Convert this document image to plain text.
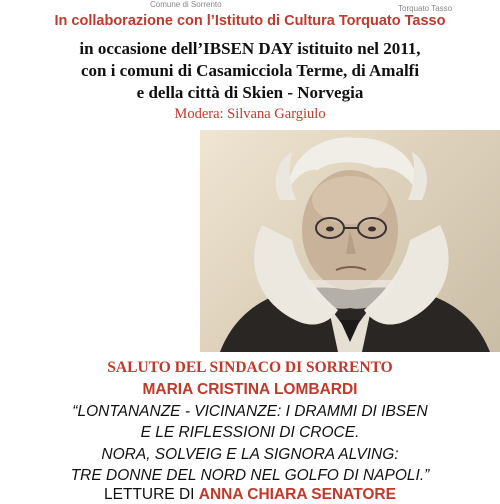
Comune di Sorrento	Torquato Tasso
In collaborazione con l’Istituto di Cultura Torquato Tasso
in occasione dell’IBSEN DAY istituito nel 2011,
con i comuni di Casamicciola Terme, di Amalfi
e della città di Skien - Norvegia
Modera: Silvana Gargiulo
SALUTO DEL SINDACO DI SORRENTO
MARIA CRISTINA LOMBARDI
“LONTANANZE - VICINANZE: I DRAMMI DI IBSEN
E LE RIFLESSIONI DI CROCE.
NORA, SOLVEIG E LA SIGNORA ALVING:
TRE DONNE DEL NORD NEL GOLFO DI NAPOLI.”
LETTURE DI ANNA CHIARA SENATORE
